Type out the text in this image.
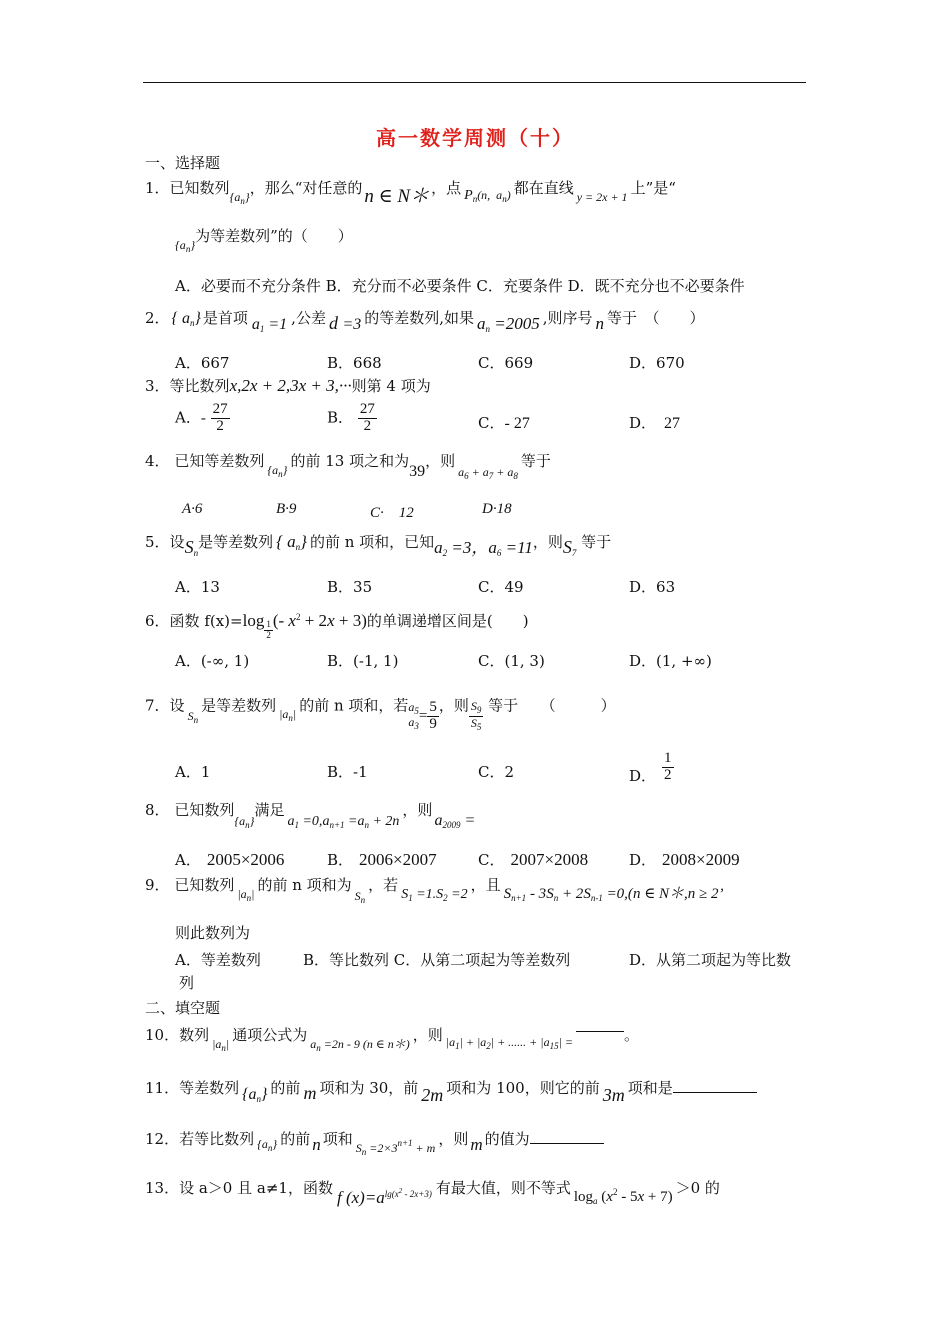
高一数学周测（十）
一、选择题
1．已知数列$_{\{a_n\}}$，那么“对任意的 n ∈ N＊ ，点 $_{P_n(n, a_n)}$ 都在直线 $_{y = 2x + 1}$ 上”是“
$_{\{a_n\}}$为等差数列”的（　　）
A．必要而不充分条件 B．充分而不必要条件 C．充要条件 D．既不充分也不必要条件
2． { $a_n$} 是首项 $a_1 =1$ ,公差 d =3 的等差数列,如果 $a_n =2005$ ,则序号 n 等于　（　　）
A．667	B．668	C．669	D．670
3．等比数列x,2x + 2,3x + 3,···则第 4 项为
A．- $\frac{27}{2}$	B． $\frac{27}{2}$	C．- 27	D． 27
4． 已知等差数列 $_{\{a_n\}}$ 的前 13 项之和为39，则$_{a_6 + a_7 + a_8}$等于
A·6	B·9	C·　12	D·18
5．设$S_n$是等差数列 { $a_n$} 的前 n 项和，已知$a_2 =3$，$a_6 =11$，则$S_7$ 等于
A．13	B．35	C．49	D．63
6．函数 $f(x)=\log \frac{1}{2}$ (- $x^2 + 2x + 3$)的单调递增区间是(　　)
A．(-∞, 1)	B．(-1, 1)	C．(1, 3)	D．(1, +∞)
7．设$_{S_n}$是等差数列 $_{|a_n|}$ 的前 n 项和，若 $a_5$
$a_3$
= $\frac{5}{9}$ ，则 $\frac{S_9}{S_5}$ 等于　　（　　　）
A．1	B．-1	C．2	D． $\frac{1}{2}$
8． 已知数列$_{\{a_n\}}$满足$a_1 =0,a_{n+1} =a_n + 2n$，则$a_{2009}$ =
A． 2005×2006	B． 2006×2007	C． 2007×2008	D． 2008×2009
9． 已知数列 $_{|a_n|}$ 的前 n 项和为$_{S_n}$，若$S_1 =1.S_2 =2$，且 $S_{n+1} - 3S_n + 2S_{n-1} =0,(n$ ∈ N＊,n ≥ 2’
则此数列为
A．等差数列	B．等比数列 C．从第二项起为等差数列	D．从第二项起为等比数
列
二、填空题
10．数列 $_{|a_n|}$ 通项公式为 $_{a_n =2n - 9 (n \in n*)}$ ，则 $_{|a_1| + |a_2| + ...... + |a_{15}| =}$	。
11．等差数列 $\{a_n\}$ 的前 m 项和为 30，前 2m 项和为 100，则它的前 3m 项和是
12．若等比数列 $_{\{a_n\}}$ 的前 n 项和 $_{S_n =2\times 3^{n+1} + m}$ ，则 m 的值为
13．设 a＞0 且 a≠1，函数 f $(x)=a^{lg(x^2 - 2x+3)}$ 有最大值，则不等式 $\log_a (x^2 - 5x + 7) >0$ 的
